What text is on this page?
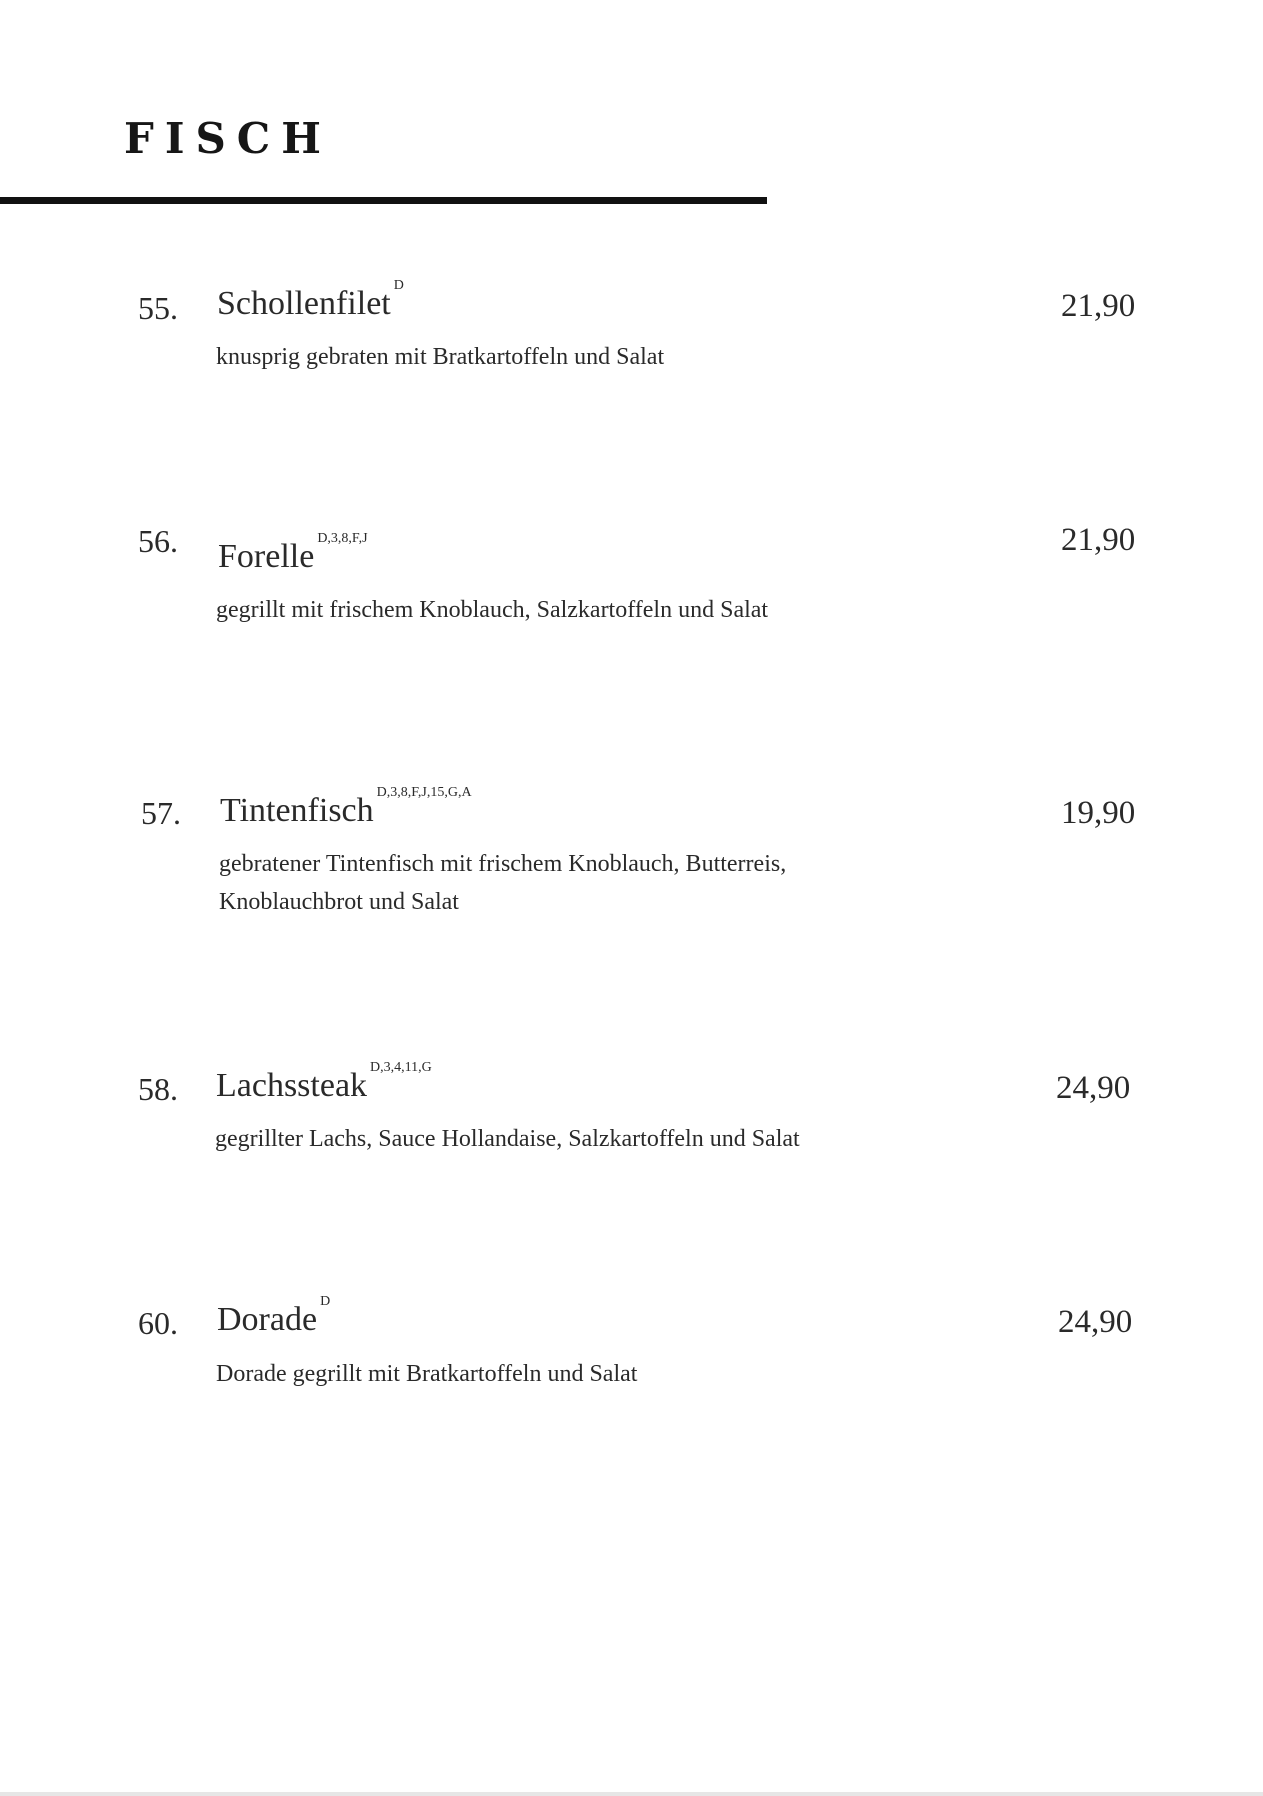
FISCH
55. Schollenfilet $^D$
21,90
knusprig gebraten mit Bratkartoffeln und Salat
56. Forelle $^{D,3,8,F,J}$	21,90
gegrillt mit frischem Knoblauch, Salzkartoffeln und Salat
57. Tintenfisch $^{D,3,8,F,J,15,G,A}$
19,90
gebratener Tintenfisch mit frischem Knoblauch, Butterreis,
Knoblauchbrot und Salat
58. Lachssteak $^{D,3,4,11,G}$
24,90
gegrillter Lachs, Sauce Hollandaise, Salzkartoffeln und Salat
60. Dorade $^D$
24,90
Dorade gegrillt mit Bratkartoffeln und Salat
